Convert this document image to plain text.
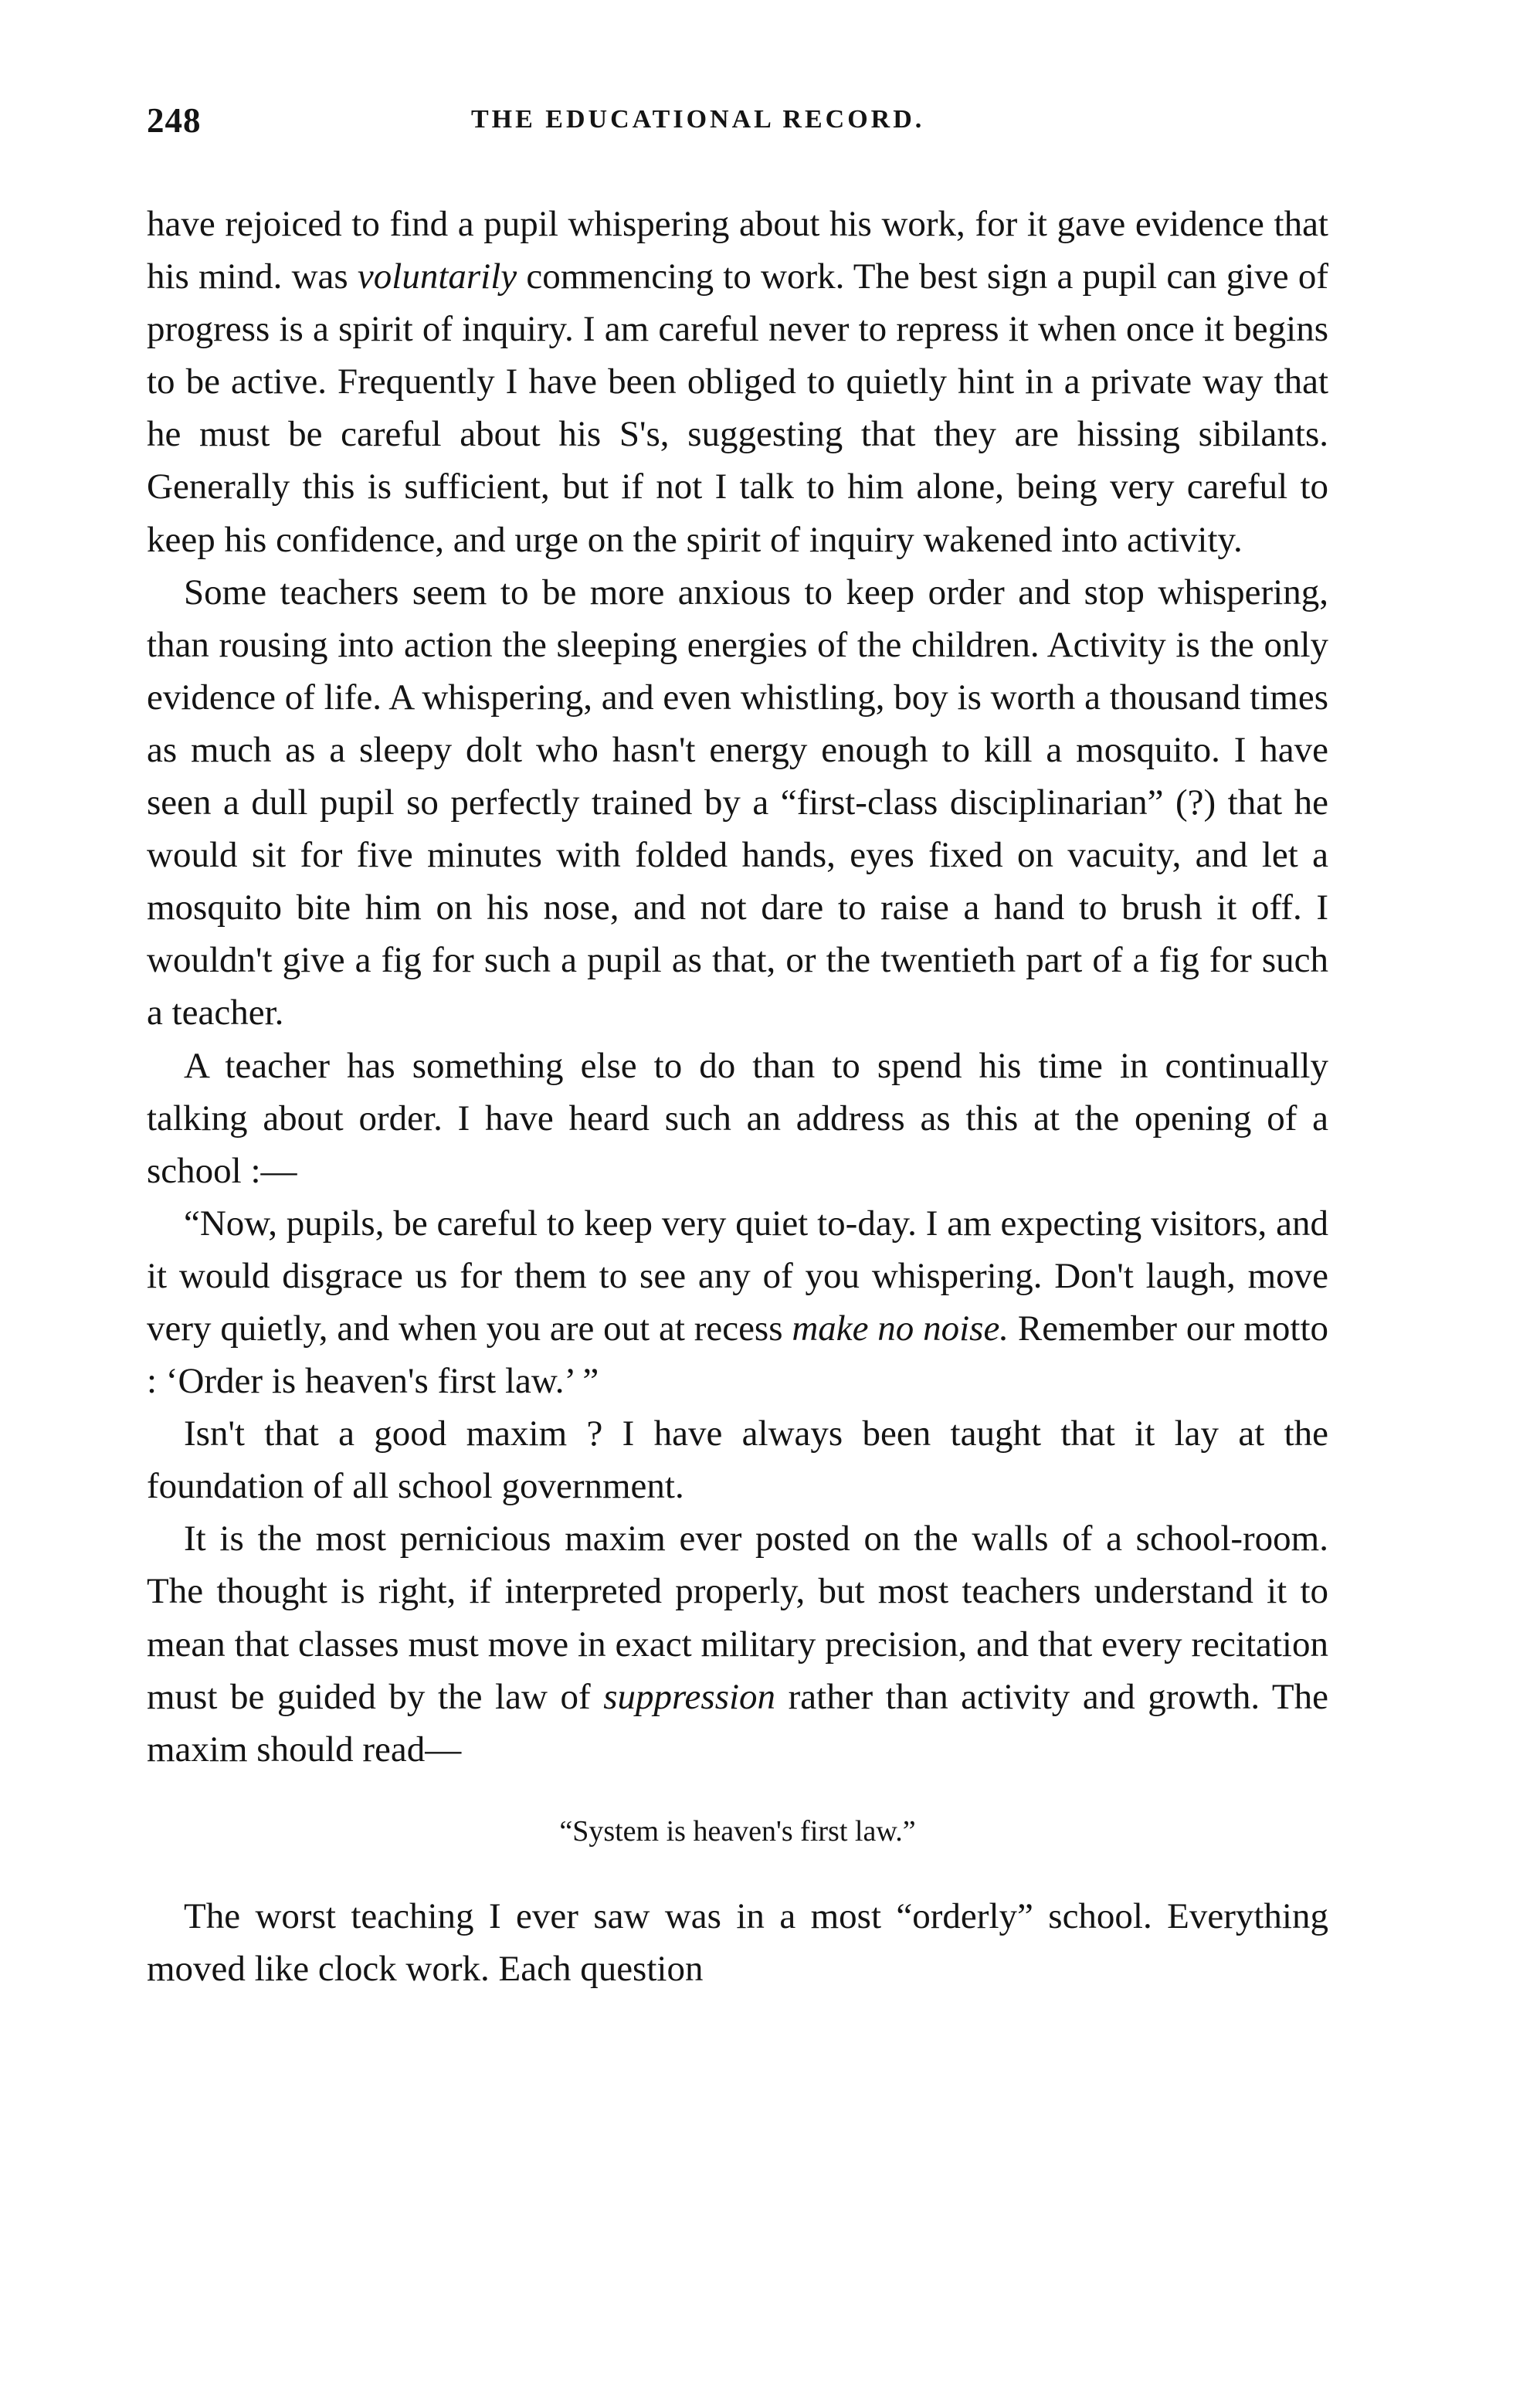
248	THE EDUCATIONAL RECORD.

have rejoiced to find a pupil whispering about his work, for it gave evidence that his mind. was voluntarily commencing to work. The best sign a pupil can give of progress is a spirit of inquiry. I am careful never to repress it when once it begins to be active. Frequently I have been obliged to quietly hint in a private way that he must be careful about his S's, suggesting that they are hissing sibilants. Generally this is sufficient, but if not I talk to him alone, being very careful to keep his confidence, and urge on the spirit of inquiry wakened into activity.

Some teachers seem to be more anxious to keep order and stop whispering, than rousing into action the sleeping energies of the children. Activity is the only evidence of life. A whispering, and even whistling, boy is worth a thousand times as much as a sleepy dolt who hasn't energy enough to kill a mosquito. I have seen a dull pupil so perfectly trained by a “first-class disciplinarian” (?) that he would sit for five minutes with folded hands, eyes fixed on vacuity, and let a mosquito bite him on his nose, and not dare to raise a hand to brush it off. I wouldn't give a fig for such a pupil as that, or the twentieth part of a fig for such a teacher.

A teacher has something else to do than to spend his time in continually talking about order. I have heard such an address as this at the opening of a school :—

“Now, pupils, be careful to keep very quiet to-day. I am expecting visitors, and it would disgrace us for them to see any of you whispering. Don't laugh, move very quietly, and when you are out at recess make no noise. Remember our motto : ‘Order is heaven's first law.’ ”

Isn't that a good maxim ? I have always been taught that it lay at the foundation of all school government.

It is the most pernicious maxim ever posted on the walls of a school-room. The thought is right, if interpreted properly, but most teachers understand it to mean that classes must move in exact military precision, and that every recitation must be guided by the law of suppression rather than activity and growth. The maxim should read—

“System is heaven's first law.”

The worst teaching I ever saw was in a most “orderly” school. Everything moved like clock work. Each question
